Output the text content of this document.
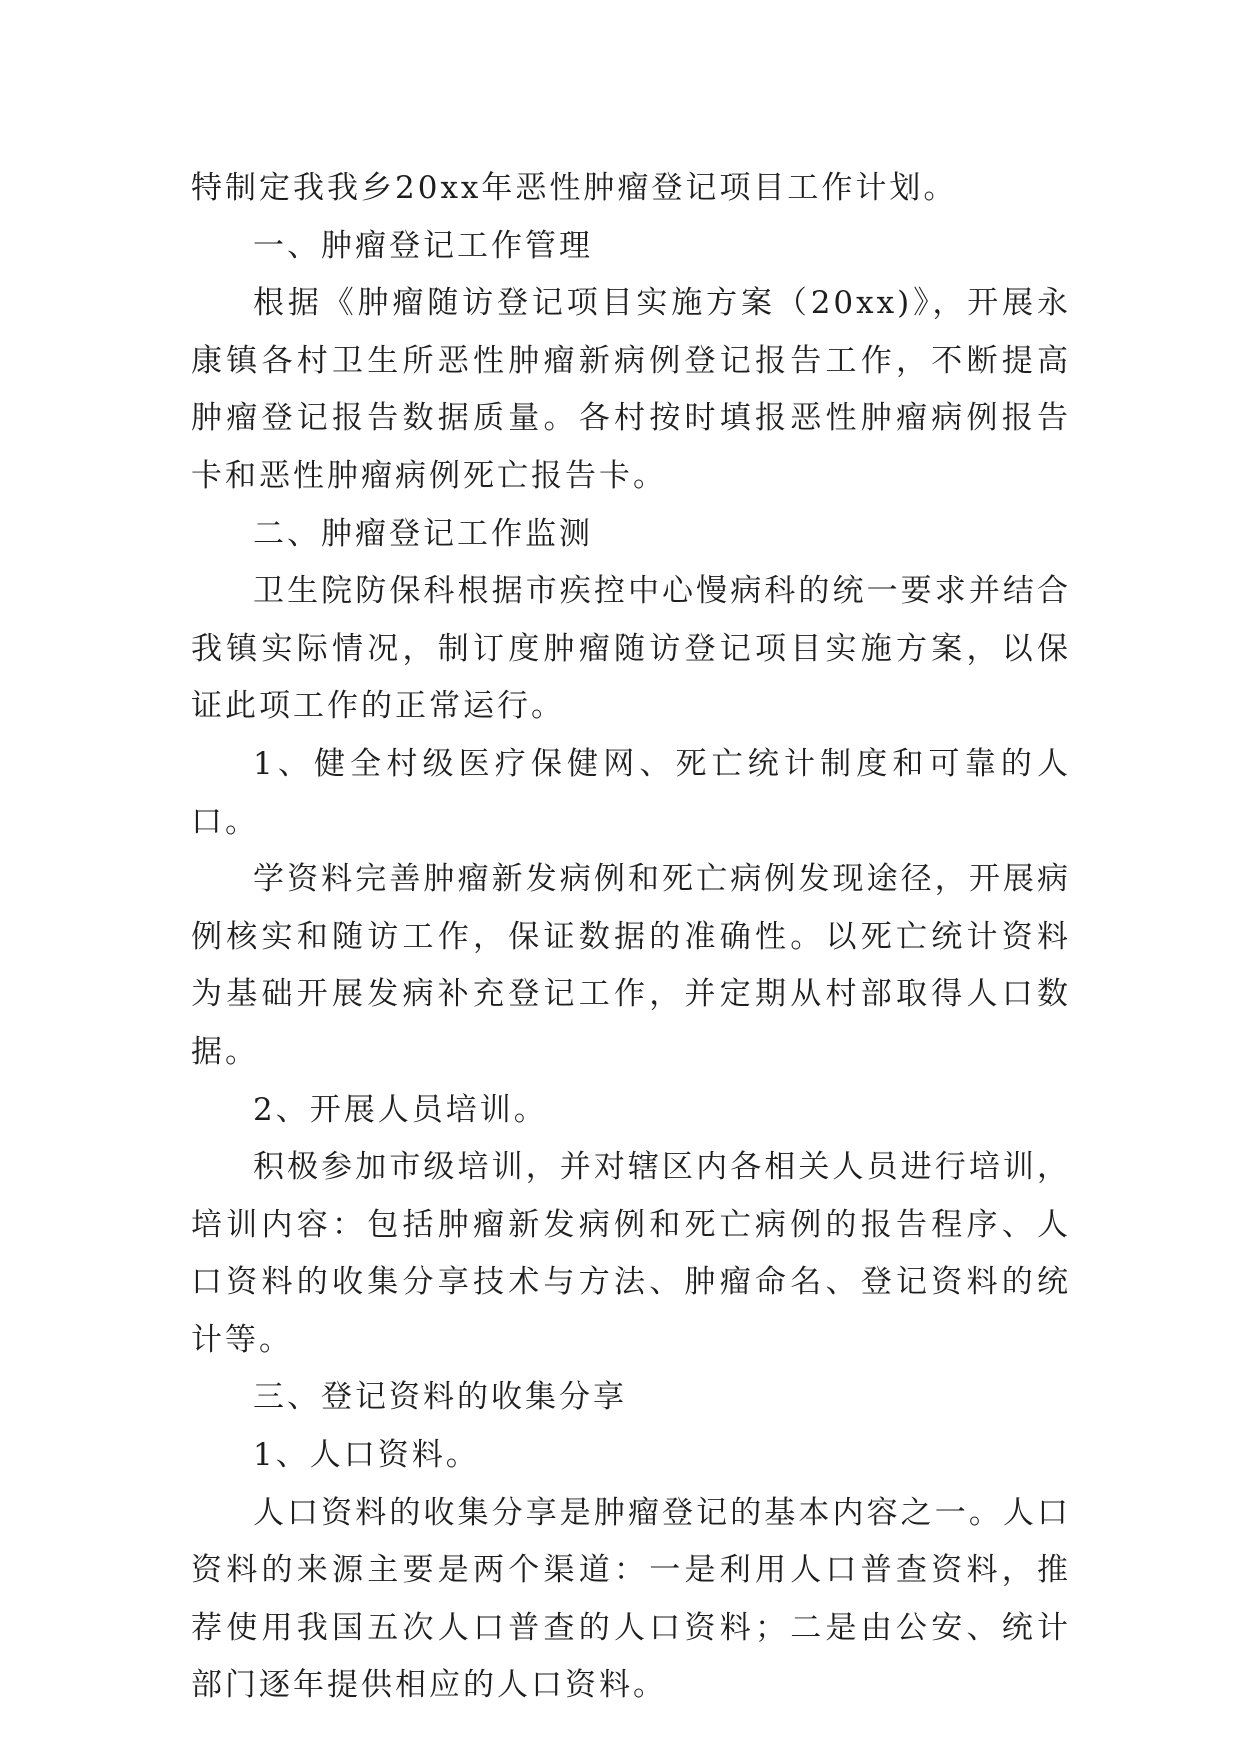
特制定我我乡20xx年恶性肿瘤登记项目工作计划。

一、肿瘤登记工作管理

根据《肿瘤随访登记项目实施方案（20xx)》，开展永康镇各村卫生所恶性肿瘤新病例登记报告工作，不断提高肿瘤登记报告数据质量。各村按时填报恶性肿瘤病例报告卡和恶性肿瘤病例死亡报告卡。

二、肿瘤登记工作监测

卫生院防保科根据市疾控中心慢病科的统一要求并结合我镇实际情况，制订度肿瘤随访登记项目实施方案，以保证此项工作的正常运行。

1、健全村级医疗保健网、死亡统计制度和可靠的人口。

学资料完善肿瘤新发病例和死亡病例发现途径，开展病例核实和随访工作，保证数据的准确性。以死亡统计资料为基础开展发病补充登记工作，并定期从村部取得人口数据。

2、开展人员培训。

积极参加市级培训，并对辖区内各相关人员进行培训，培训内容：包括肿瘤新发病例和死亡病例的报告程序、人口资料的收集分享技术与方法、肿瘤命名、登记资料的统计等。

三、登记资料的收集分享

1、人口资料。

人口资料的收集分享是肿瘤登记的基本内容之一。人口资料的来源主要是两个渠道：一是利用人口普查资料，推荐使用我国五次人口普查的人口资料；二是由公安、统计部门逐年提供相应的人口资料。
